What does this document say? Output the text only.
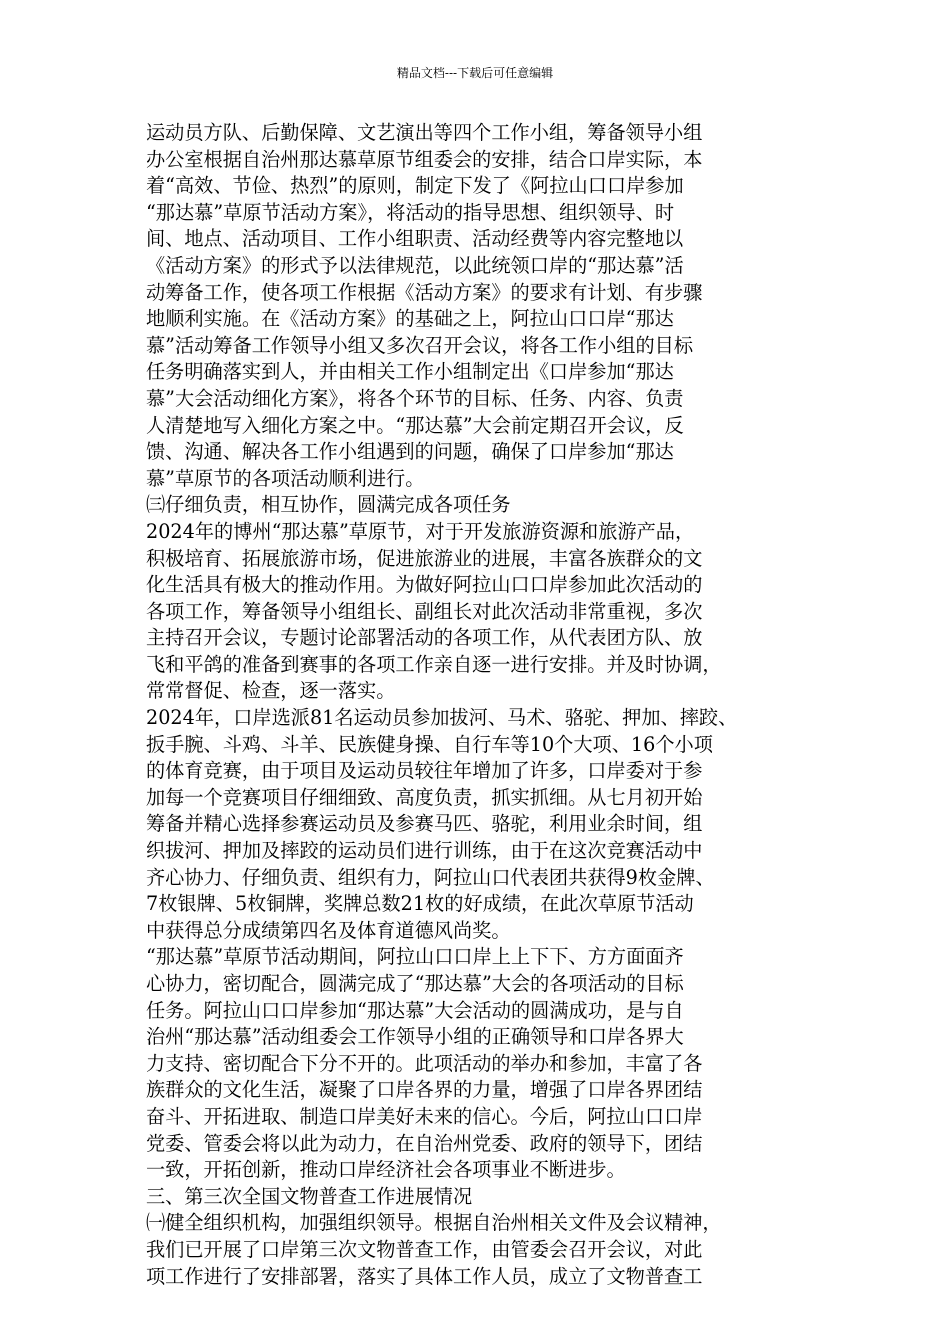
精品文档---下载后可任意编辑
运动员方队、后勤保障、文艺演出等四个工作小组，筹备领导小组
办公室根据自治州那达慕草原节组委会的安排，结合口岸实际，本
着“高效、节俭、热烈”的原则，制定下发了《阿拉山口口岸参加
“那达慕”草原节活动方案》，将活动的指导思想、组织领导、时
间、地点、活动项目、工作小组职责、活动经费等内容完整地以
《活动方案》的形式予以法律规范，以此统领口岸的“那达慕”活
动筹备工作，使各项工作根据《活动方案》的要求有计划、有步骤
地顺利实施。在《活动方案》的基础之上，阿拉山口口岸“那达
慕”活动筹备工作领导小组又多次召开会议，将各工作小组的目标
任务明确落实到人，并由相关工作小组制定出《口岸参加“那达
慕”大会活动细化方案》，将各个环节的目标、任务、内容、负责
人清楚地写入细化方案之中。“那达慕”大会前定期召开会议，反
馈、沟通、解决各工作小组遇到的问题，确保了口岸参加“那达
慕”草原节的各项活动顺利进行。
㈢仔细负责，相互协作，圆满完成各项任务
2024年的博州“那达慕”草原节，对于开发旅游资源和旅游产品，
积极培育、拓展旅游市场，促进旅游业的进展，丰富各族群众的文
化生活具有极大的推动作用。为做好阿拉山口口岸参加此次活动的
各项工作，筹备领导小组组长、副组长对此次活动非常重视，多次
主持召开会议，专题讨论部署活动的各项工作，从代表团方队、放
飞和平鸽的准备到赛事的各项工作亲自逐一进行安排。并及时协调，
常常督促、检查，逐一落实。
2024年，口岸选派81名运动员参加拔河、马术、骆驼、押加、摔跤、
扳手腕、斗鸡、斗羊、民族健身操、自行车等10个大项、16个小项
的体育竞赛，由于项目及运动员较往年增加了许多，口岸委对于参
加每一个竞赛项目仔细细致、高度负责，抓实抓细。从七月初开始
筹备并精心选择参赛运动员及参赛马匹、骆驼，利用业余时间，组
织拔河、押加及摔跤的运动员们进行训练，由于在这次竞赛活动中
齐心协力、仔细负责、组织有力，阿拉山口代表团共获得9枚金牌、
7枚银牌、5枚铜牌，奖牌总数21枚的好成绩，在此次草原节活动
中获得总分成绩第四名及体育道德风尚奖。
“那达慕”草原节活动期间，阿拉山口口岸上上下下、方方面面齐
心协力，密切配合，圆满完成了“那达慕”大会的各项活动的目标
任务。阿拉山口口岸参加“那达慕”大会活动的圆满成功，是与自
治州“那达慕”活动组委会工作领导小组的正确领导和口岸各界大
力支持、密切配合下分不开的。此项活动的举办和参加，丰富了各
族群众的文化生活，凝聚了口岸各界的力量，增强了口岸各界团结
奋斗、开拓进取、制造口岸美好未来的信心。今后，阿拉山口口岸
党委、管委会将以此为动力，在自治州党委、政府的领导下，团结
一致，开拓创新，推动口岸经济社会各项事业不断进步。
三、第三次全国文物普查工作进展情况
㈠健全组织机构，加强组织领导。根据自治州相关文件及会议精神，
我们已开展了口岸第三次文物普查工作，由管委会召开会议，对此
项工作进行了安排部署，落实了具体工作人员，成立了文物普查工
